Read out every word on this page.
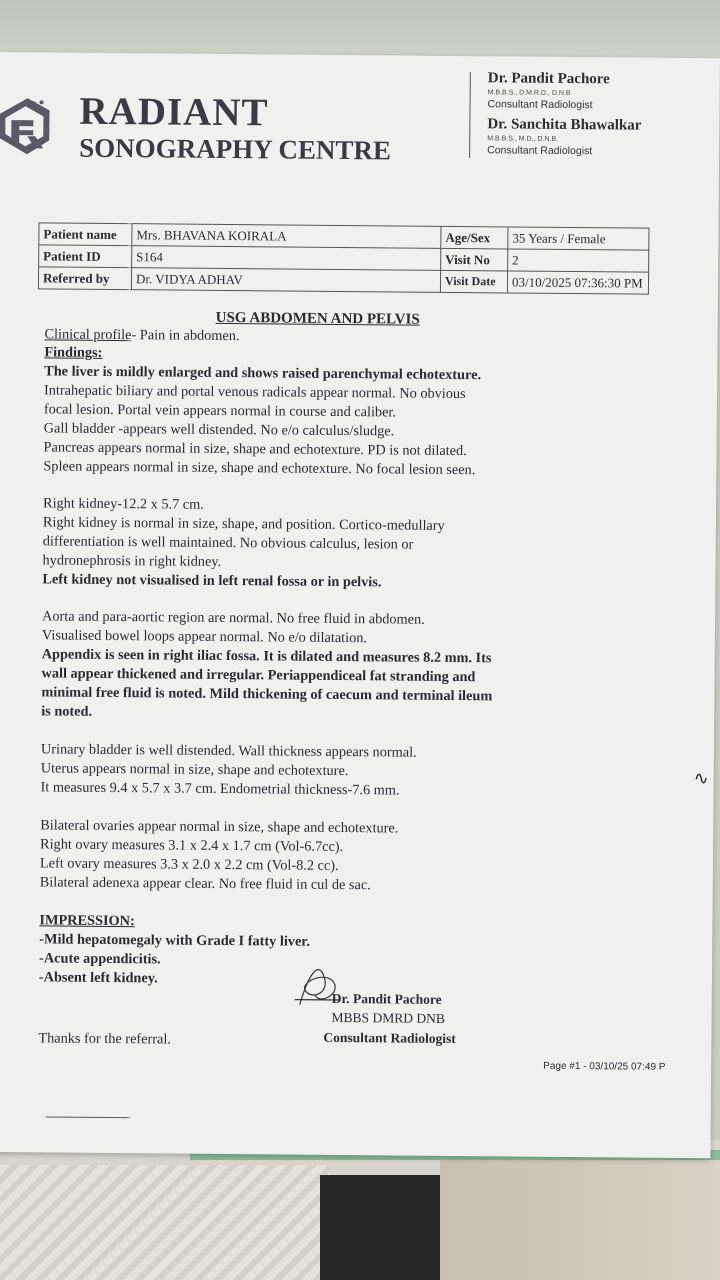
RADIANT
SONOGRAPHY CENTRE
Dr. Pandit Pachore
M.B.B.S., D.M.R.D., D.N.B
Consultant Radiologist
Dr. Sanchita Bhawalkar
M.B.B.S., M.D., D.N.B.
Consultant Radiologist
Patient name	Mrs. BHAVANA KOIRALA	Age/Sex	35 Years / Female
Patient ID	S164	Visit No	2
Referred by	Dr. VIDYA ADHAV	Visit Date	03/10/2025 07:36:30 PM
USG ABDOMEN AND PELVIS
Clinical profile- Pain in abdomen.
Findings:
The liver is mildly enlarged and shows raised parenchymal echotexture.
Intrahepatic biliary and portal venous radicals appear normal. No obvious
focal lesion. Portal vein appears normal in course and caliber.
Gall bladder -appears well distended. No e/o calculus/sludge.
Pancreas appears normal in size, shape and echotexture. PD is not dilated.
Spleen appears normal in size, shape and echotexture. No focal lesion seen.
Right kidney-12.2 x 5.7 cm.
Right kidney is normal in size, shape, and position. Cortico-medullary
differentiation is well maintained. No obvious calculus, lesion or
hydronephrosis in right kidney.
Left kidney not visualised in left renal fossa or in pelvis.
Aorta and para-aortic region are normal. No free fluid in abdomen.
Visualised bowel loops appear normal. No e/o dilatation.
Appendix is seen in right iliac fossa. It is dilated and measures 8.2 mm. Its
wall appear thickened and irregular. Periappendiceal fat stranding and
minimal free fluid is noted. Mild thickening of caecum and terminal ileum
is noted.
Urinary bladder is well distended. Wall thickness appears normal.
Uterus appears normal in size, shape and echotexture.
It measures 9.4 x 5.7 x 3.7 cm. Endometrial thickness-7.6 mm.
Bilateral ovaries appear normal in size, shape and echotexture.
Right ovary measures 3.1 x 2.4 x 1.7 cm (Vol-6.7cc).
Left ovary measures 3.3 x 2.0 x 2.2 cm (Vol-8.2 cc).
Bilateral adenexa appear clear. No free fluid in cul de sac.
IMPRESSION:
-Mild hepatomegaly with Grade I fatty liver.
-Acute appendicitis.
-Absent left kidney.
Dr. Pandit Pachore
MBBS DMRD DNB
Consultant Radiologist
Thanks for the referral.
Page #1 - 03/10/25 07:49 P
∿
